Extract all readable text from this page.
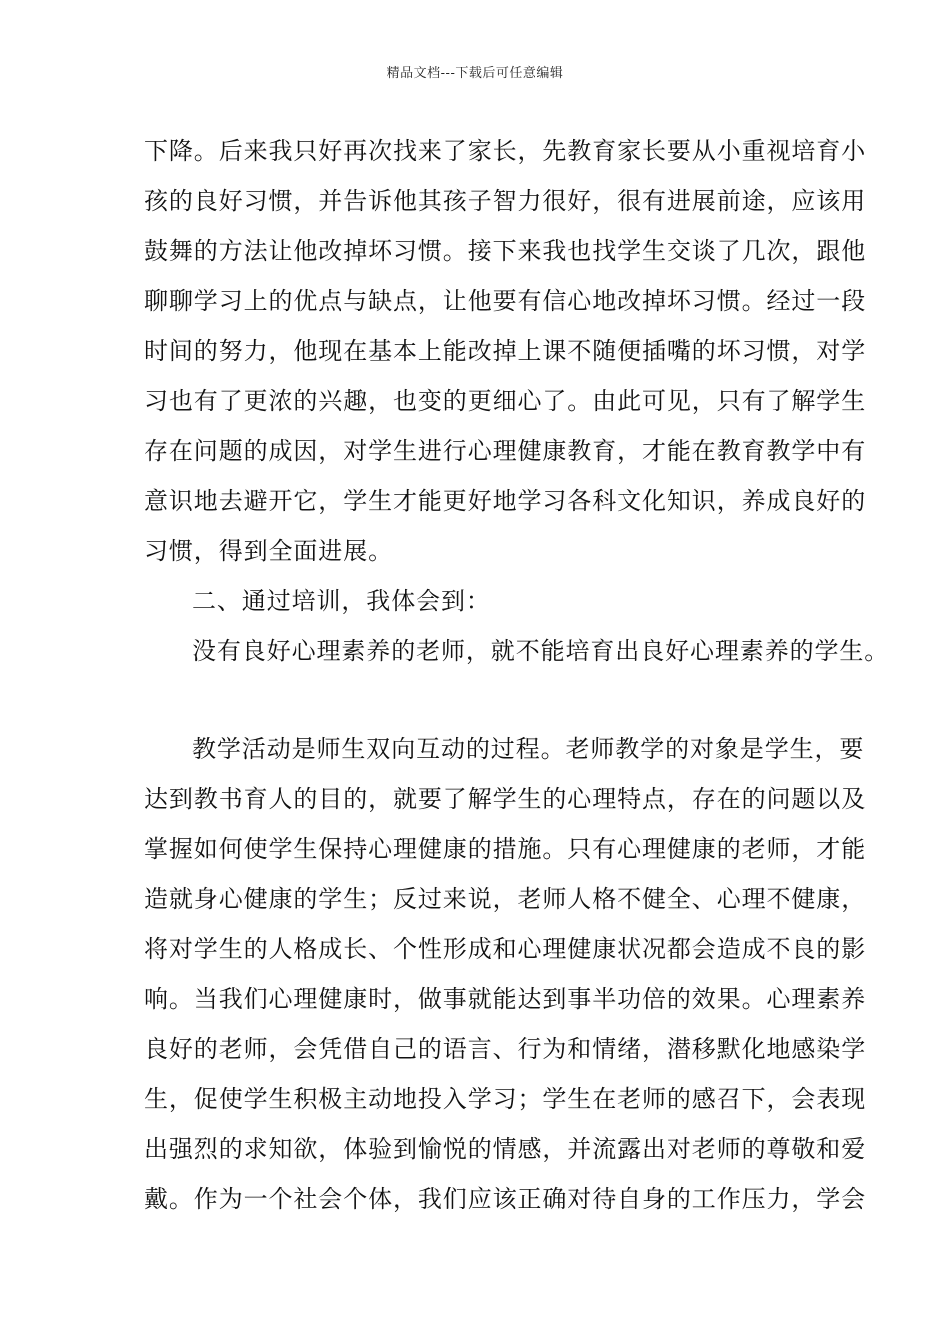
精品文档---下载后可任意编辑
下降。后来我只好再次找来了家长，先教育家长要从小重视培育小
孩的良好习惯，并告诉他其孩子智力很好，很有进展前途，应该用
鼓舞的方法让他改掉坏习惯。接下来我也找学生交谈了几次，跟他
聊聊学习上的优点与缺点，让他要有信心地改掉坏习惯。经过一段
时间的努力，他现在基本上能改掉上课不随便插嘴的坏习惯，对学
习也有了更浓的兴趣，也变的更细心了。由此可见，只有了解学生
存在问题的成因，对学生进行心理健康教育，才能在教育教学中有
意识地去避开它，学生才能更好地学习各科文化知识，养成良好的
习惯，得到全面进展。
二、通过培训，我体会到：
没有良好心理素养的老师，就不能培育出良好心理素养的学生。
教学活动是师生双向互动的过程。老师教学的对象是学生，要
达到教书育人的目的，就要了解学生的心理特点，存在的问题以及
掌握如何使学生保持心理健康的措施。只有心理健康的老师，才能
造就身心健康的学生；反过来说，老师人格不健全、心理不健康，
将对学生的人格成长、个性形成和心理健康状况都会造成不良的影
响。当我们心理健康时，做事就能达到事半功倍的效果。心理素养
良好的老师，会凭借自己的语言、行为和情绪，潜移默化地感染学
生，促使学生积极主动地投入学习；学生在老师的感召下，会表现
出强烈的求知欲，体验到愉悦的情感，并流露出对老师的尊敬和爱
戴。作为一个社会个体，我们应该正确对待自身的工作压力，学会
